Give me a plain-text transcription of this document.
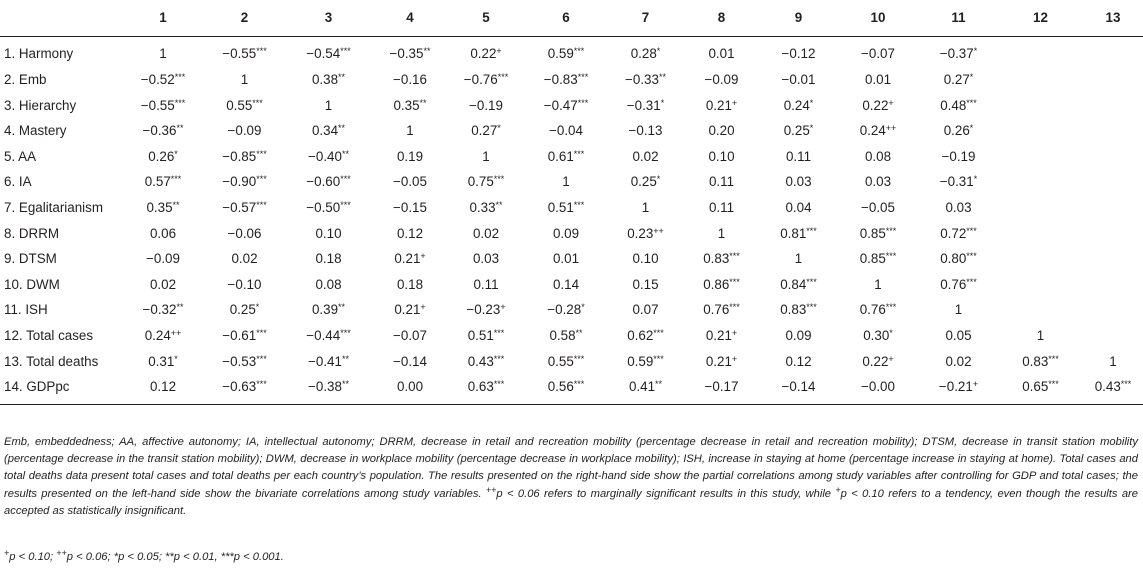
	1	2	3	4	5	6	7	8	9	10	11	12	13
1. Harmony	1	−0.55***	−0.54***	−0.35**	0.22+	0.59***	0.28*	0.01	−0.12	−0.07	−0.37*		
2. Emb	−0.52***	1	0.38**	−0.16	−0.76***	−0.83***	−0.33**	−0.09	−0.01	0.01	0.27*		
3. Hierarchy	−0.55***	0.55***	1	0.35**	−0.19	−0.47***	−0.31*	0.21+	0.24*	0.22+	0.48***		
4. Mastery	−0.36**	−0.09	0.34**	1	0.27*	−0.04	−0.13	0.20	0.25*	0.24++	0.26*		
5. AA	0.26*	−0.85***	−0.40**	0.19	1	0.61***	0.02	0.10	0.11	0.08	−0.19		
6. IA	0.57***	−0.90***	−0.60***	−0.05	0.75***	1	0.25*	0.11	0.03	0.03	−0.31*		
7. Egalitarianism	0.35**	−0.57***	−0.50***	−0.15	0.33**	0.51***	1	0.11	0.04	−0.05	0.03		
8. DRRM	0.06	−0.06	0.10	0.12	0.02	0.09	0.23++	1	0.81***	0.85***	0.72***		
9. DTSM	−0.09	0.02	0.18	0.21+	0.03	0.01	0.10	0.83***	1	0.85***	0.80***		
10. DWM	0.02	−0.10	0.08	0.18	0.11	0.14	0.15	0.86***	0.84***	1	0.76***		
11. ISH	−0.32**	0.25*	0.39**	0.21+	−0.23+	−0.28*	0.07	0.76***	0.83***	0.76***	1		
12. Total cases	0.24++	−0.61***	−0.44***	−0.07	0.51***	0.58**	0.62***	0.21+	0.09	0.30*	0.05	1	
13. Total deaths	0.31*	−0.53***	−0.41**	−0.14	0.43***	0.55***	0.59***	0.21+	0.12	0.22+	0.02	0.83***	1
14. GDPpc	0.12	−0.63***	−0.38**	0.00	0.63***	0.56***	0.41**	−0.17	−0.14	−0.00	−0.21+	0.65***	0.43***

Emb, embeddedness; AA, affective autonomy; IA, intellectual autonomy; DRRM, decrease in retail and recreation mobility (percentage decrease in retail and recreation mobility); DTSM, decrease in transit station mobility (percentage decrease in the transit station mobility); DWM, decrease in workplace mobility (percentage decrease in workplace mobility); ISH, increase in staying at home (percentage increase in staying at home). Total cases and total deaths data present total cases and total deaths per each country’s population. The results presented on the right-hand side show the partial correlations among study variables after controlling for GDP and total cases; the results presented on the left-hand side show the bivariate correlations among study variables. ++p < 0.06 refers to marginally significant results in this study, while +p < 0.10 refers to a tendency, even though the results are accepted as statistically insignificant.

+p < 0.10; ++p < 0.06; *p < 0.05; **p < 0.01, ***p < 0.001.
